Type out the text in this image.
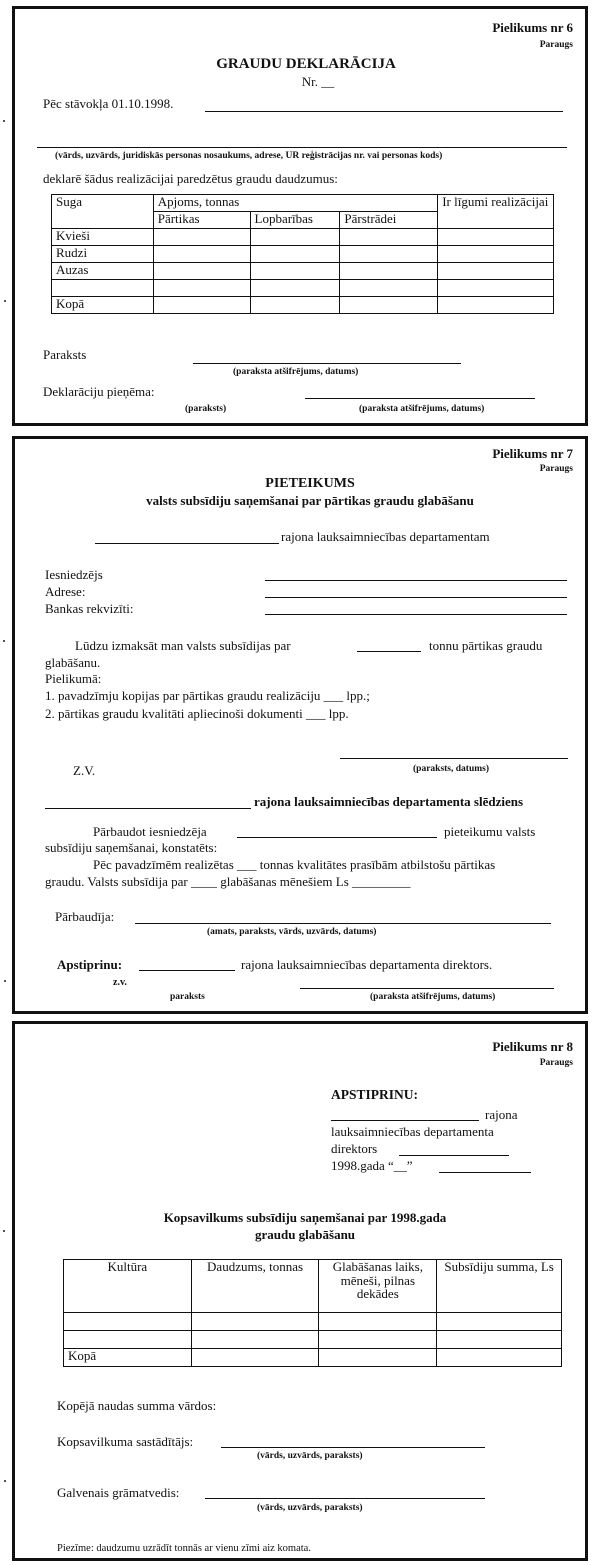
Pielikums nr 6
Paraugs
GRAUDU DEKLARĀCIJA
Nr. __
Pēc stāvokļa 01.10.1998.
(vārds, uzvārds, juridiskās personas nosaukums, adrese, UR reģistrācijas nr. vai personas kods)
deklarē šādus realizācijai paredzētus graudu daudzumus:
Suga	Apjoms, tonnas			Ir līgumi realizācijai
	Pārtikas	Lopbarības	Pārstrādei	
Kvieši				
Rudzi				
Auzas				

Kopā				
Paraksts
(paraksta atšifrējums, datums)
Deklarāciju pieņēma:
(paraksts)	(paraksta atšifrējums, datums)
Pielikums nr 7
Paraugs
PIETEIKUMS
valsts subsīdiju saņemšanai par pārtikas graudu glabāšanu
rajona lauksaimniecības departamentam
Iesniedzējs
Adrese:
Bankas rekvizīti:
Lūdzu izmaksāt man valsts subsīdijas par	tonnu pārtikas graudu
glabāšanu.
Pielikumā:
1. pavadzīmju kopijas par pārtikas graudu realizāciju ___ lpp.;
2. pārtikas graudu kvalitāti apliecinoši dokumenti ___ lpp.
Z.V.	(paraksts, datums)
rajona lauksaimniecības departamenta slēdziens
Pārbaudot iesniedzēja	pieteikumu valsts
subsīdiju saņemšanai, konstatēts:
Pēc pavadzīmēm realizētas ___ tonnas kvalitātes prasībām atbilstošu pārtikas
graudu. Valsts subsīdija par ____ glabāšanas mēnešiem Ls _________
Pārbaudīja:
(amats, paraksts, vārds, uzvārds, datums)
Apstiprinu:	rajona lauksaimniecības departamenta direktors.
z.v.
paraksts	(paraksta atšifrējums, datums)
Pielikums nr 8
Paraugs
APSTIPRINU:
rajona
lauksaimniecības departamenta
direktors
1998.gada “__”
Kopsavilkums subsīdiju saņemšanai par 1998.gada
graudu glabāšanu
Kultūra	Daudzums, tonnas	Glabāšanas laiks, mēneši, pilnas dekādes	Subsīdiju summa, Ls

Kopā			
Kopējā naudas summa vārdos:
Kopsavilkuma sastādītājs:
(vārds, uzvārds, paraksts)
Galvenais grāmatvedis:
(vārds, uzvārds, paraksts)
Piezīme: daudzumu uzrādīt tonnās ar vienu zīmi aiz komata.
